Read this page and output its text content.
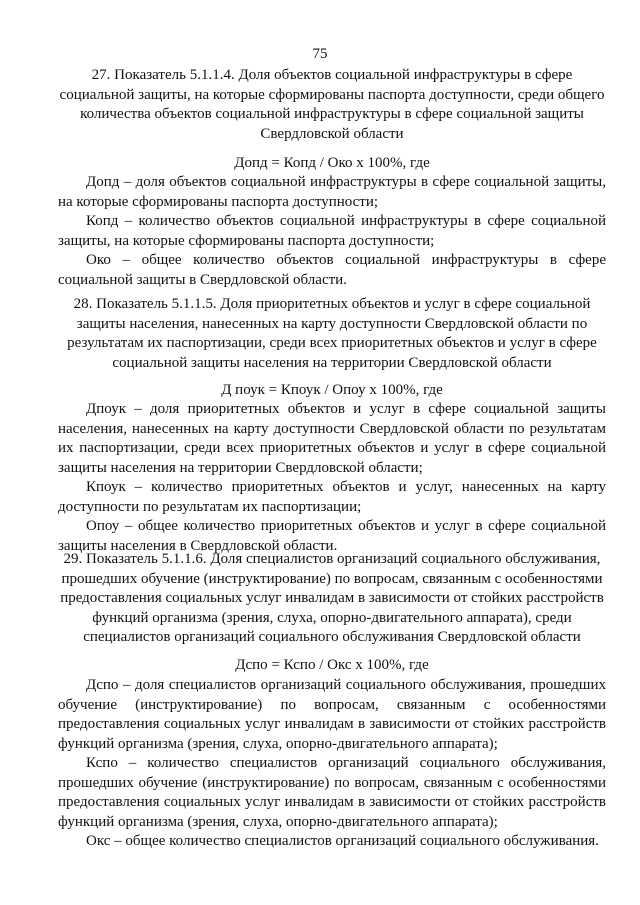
75

27. Показатель 5.1.1.4. Доля объектов социальной инфраструктуры в сфере социальной защиты, на которые сформированы паспорта доступности, среди общего количества объектов социальной инфраструктуры в сфере социальной защиты Свердловской области

Допд = Копд / Око х 100%, где

Допд – доля объектов социальной инфраструктуры в сфере социальной защиты, на которые сформированы паспорта доступности;

Копд – количество объектов социальной инфраструктуры в сфере социальной защиты, на которые сформированы паспорта доступности;

Око – общее количество объектов социальной инфраструктуры в сфере социальной защиты в Свердловской области.

28. Показатель 5.1.1.5. Доля приоритетных объектов и услуг в сфере социальной защиты населения, нанесенных на карту доступности Свердловской области по результатам их паспортизации, среди всех приоритетных объектов и услуг в сфере социальной защиты населения на территории Свердловской области

Д поук = Кпоук / Опоу х 100%, где

Дпоук – доля приоритетных объектов и услуг в сфере социальной защиты населения, нанесенных на карту доступности Свердловской области по результатам их паспортизации, среди всех приоритетных объектов и услуг в сфере социальной защиты населения на территории Свердловской области;

Кпоук – количество приоритетных объектов и услуг, нанесенных на карту доступности по результатам их паспортизации;

Опоу – общее количество приоритетных объектов и услуг в сфере социальной защиты населения в Свердловской области.

29. Показатель 5.1.1.6. Доля специалистов организаций социального обслуживания, прошедших обучение (инструктирование) по вопросам, связанным с особенностями предоставления социальных услуг инвалидам в зависимости от стойких расстройств функций организма (зрения, слуха, опорно-двигательного аппарата), среди специалистов организаций социального обслуживания Свердловской области

Дспо = Кспо / Окс х 100%, где

Дспо – доля специалистов организаций социального обслуживания, прошедших обучение (инструктирование) по вопросам, связанным с особенностями предоставления социальных услуг инвалидам в зависимости от стойких расстройств функций организма (зрения, слуха, опорно-двигательного аппарата);

Кспо – количество специалистов организаций социального обслуживания, прошедших обучение (инструктирование) по вопросам, связанным с особенностями предоставления социальных услуг инвалидам в зависимости от стойких расстройств функций организма (зрения, слуха, опорно-двигательного аппарата);

Окс – общее количество специалистов организаций социального обслуживания.
